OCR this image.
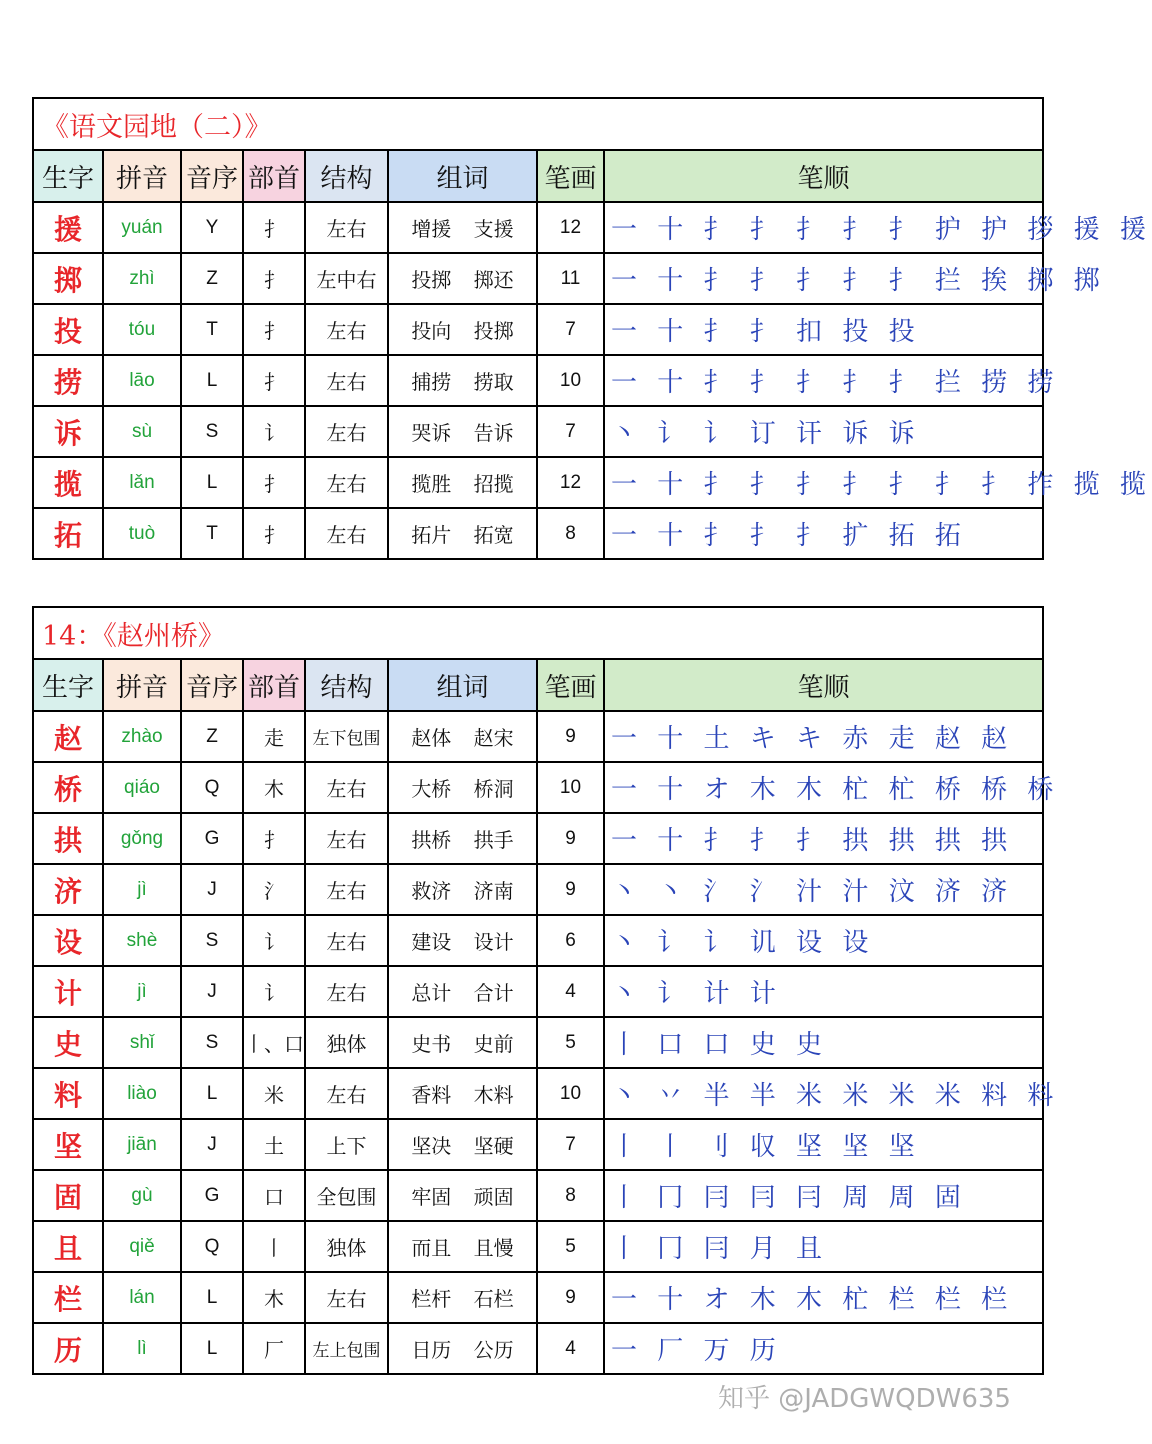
《语文园地（二）》							
生字	拼音	音序	部首	结构	组词	笔画	笔顺
援	yuán	Y	扌	左右	增援 支援	12	一 十 扌 扌 扌 扌 扌 护 护 拶 援 援
掷	zhì	Z	扌	左中右	投掷 掷还	11	一 十 扌 扌 扌 扌 扌 拦 挨 掷 掷
投	tóu	T	扌	左右	投向 投掷	7	一 十 扌 扌 扣 投 投
捞	lāo	L	扌	左右	捕捞 捞取	10	一 十 扌 扌 扌 扌 扌 拦 捞 捞
诉	sù	S	讠	左右	哭诉 告诉	7	丶 讠 讠 订 讦 诉 诉
揽	lǎn	L	扌	左右	揽胜 招揽	12	一 十 扌 扌 扌 扌 扌 扌 扌 拃 揽 揽
拓	tuò	T	扌	左右	拓片 拓宽	8	一 十 扌 扌 扌 扩 拓 拓
14：《赵州桥》							
生字	拼音	音序	部首	结构	组词	笔画	笔顺
赵	zhào	Z	走	左下包围	赵体 赵宋	9	一 十 土 キ キ 赤 走 赵 赵
桥	qiáo	Q	木	左右	大桥 桥洞	10	一 十 オ 木 木 杧 杧 桥 桥 桥
拱	gǒng	G	扌	左右	拱桥 拱手	9	一 十 扌 扌 扌 拱 拱 拱 拱
济	jì	J	氵	左右	救济 济南	9	丶 丶 氵 氵 汁 汁 汶 济 济
设	shè	S	讠	左右	建设 设计	6	丶 讠 讠 讥 设 设
计	jì	J	讠	左右	总计 合计	4	丶 讠 计 计
史	shǐ	S	丨、口	独体	史书 史前	5	丨 口 口 史 史
料	liào	L	米	左右	香料 木料	10	丶 丷 半 半 米 米 米 米 料 料
坚	jiān	J	土	上下	坚决 坚硬	7	丨 丨 刂 収 坚 坚 坚
固	gù	G	口	全包围	牢固 顽固	8	丨 冂 冃 冃 冃 周 周 固
且	qiě	Q	丨	独体	而且 且慢	5	丨 冂 冃 月 且
栏	lán	L	木	左右	栏杆 石栏	9	一 十 オ 木 木 杧 栏 栏 栏
历	lì	L	厂	左上包围	日历 公历	4	一 厂 万 历
知乎 @JADGWQDW635
